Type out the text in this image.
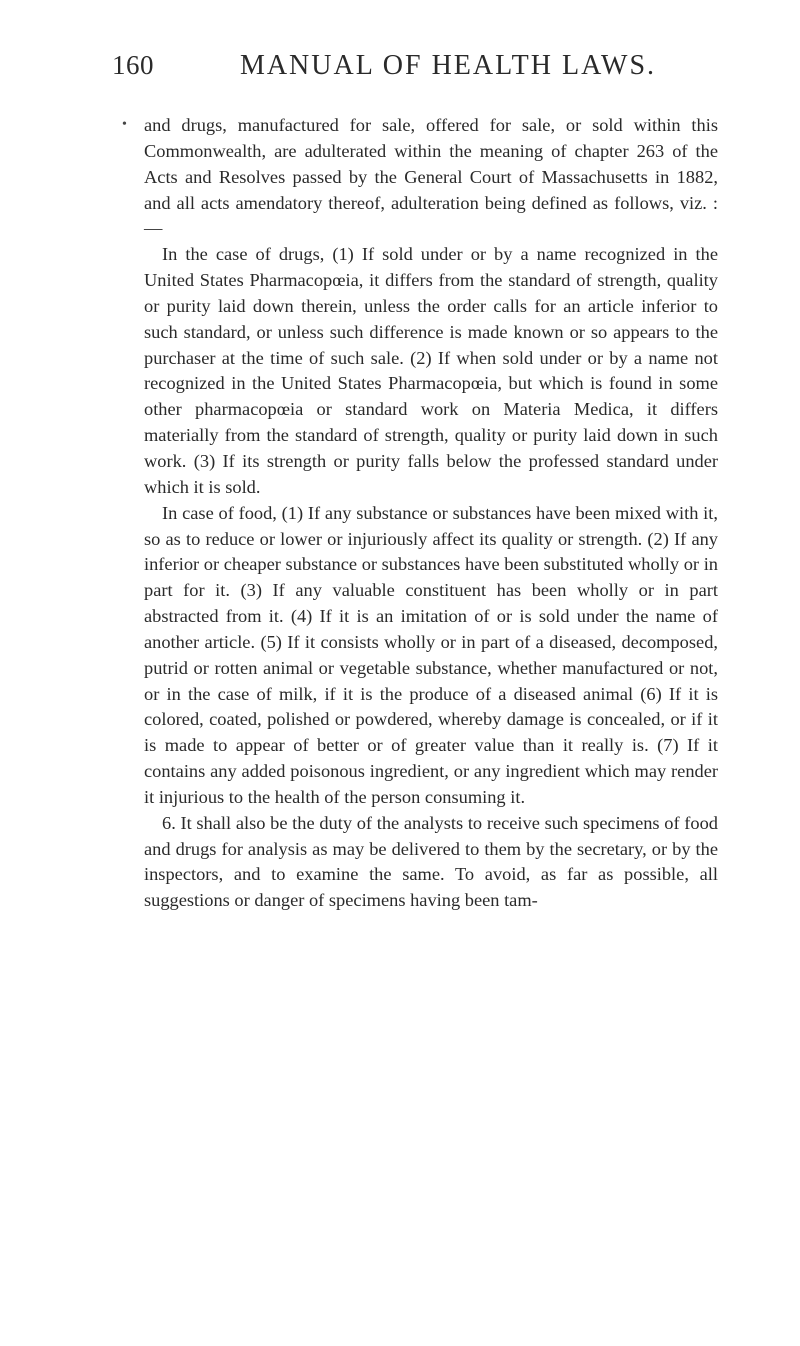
160	MANUAL OF HEALTH LAWS.
• and drugs, manufactured for sale, offered for sale, or sold within this Commonwealth, are adulterated within the meaning of chapter 263 of the Acts and Resolves passed by the General Court of Massachusetts in 1882, and all acts amendatory thereof, adulteration being defined as follows, viz. : —

In the case of drugs, (1) If sold under or by a name recognized in the United States Pharmacopœia, it differs from the standard of strength, quality or purity laid down therein, unless the order calls for an article inferior to such standard, or unless such difference is made known or so appears to the purchaser at the time of such sale. (2) If when sold under or by a name not recognized in the United States Pharmacopœia, but which is found in some other pharmacopœia or standard work on Materia Medica, it differs materially from the standard of strength, quality or purity laid down in such work. (3) If its strength or purity falls below the professed standard under which it is sold.

In case of food, (1) If any substance or substances have been mixed with it, so as to reduce or lower or injuriously affect its quality or strength. (2) If any inferior or cheaper substance or substances have been substituted wholly or in part for it. (3) If any valuable constituent has been wholly or in part abstracted from it. (4) If it is an imitation of or is sold under the name of another article. (5) If it consists wholly or in part of a diseased, decomposed, putrid or rotten animal or vegetable substance, whether manufactured or not, or in the case of milk, if it is the produce of a diseased animal (6) If it is colored, coated, polished or powdered, whereby damage is concealed, or if it is made to appear of better or of greater value than it really is. (7) If it contains any added poisonous ingredient, or any ingredient which may render it injurious to the health of the person consuming it.

6. It shall also be the duty of the analysts to receive such specimens of food and drugs for analysis as may be delivered to them by the secretary, or by the inspectors, and to examine the same. To avoid, as far as possible, all suggestions or danger of specimens having been tam-
